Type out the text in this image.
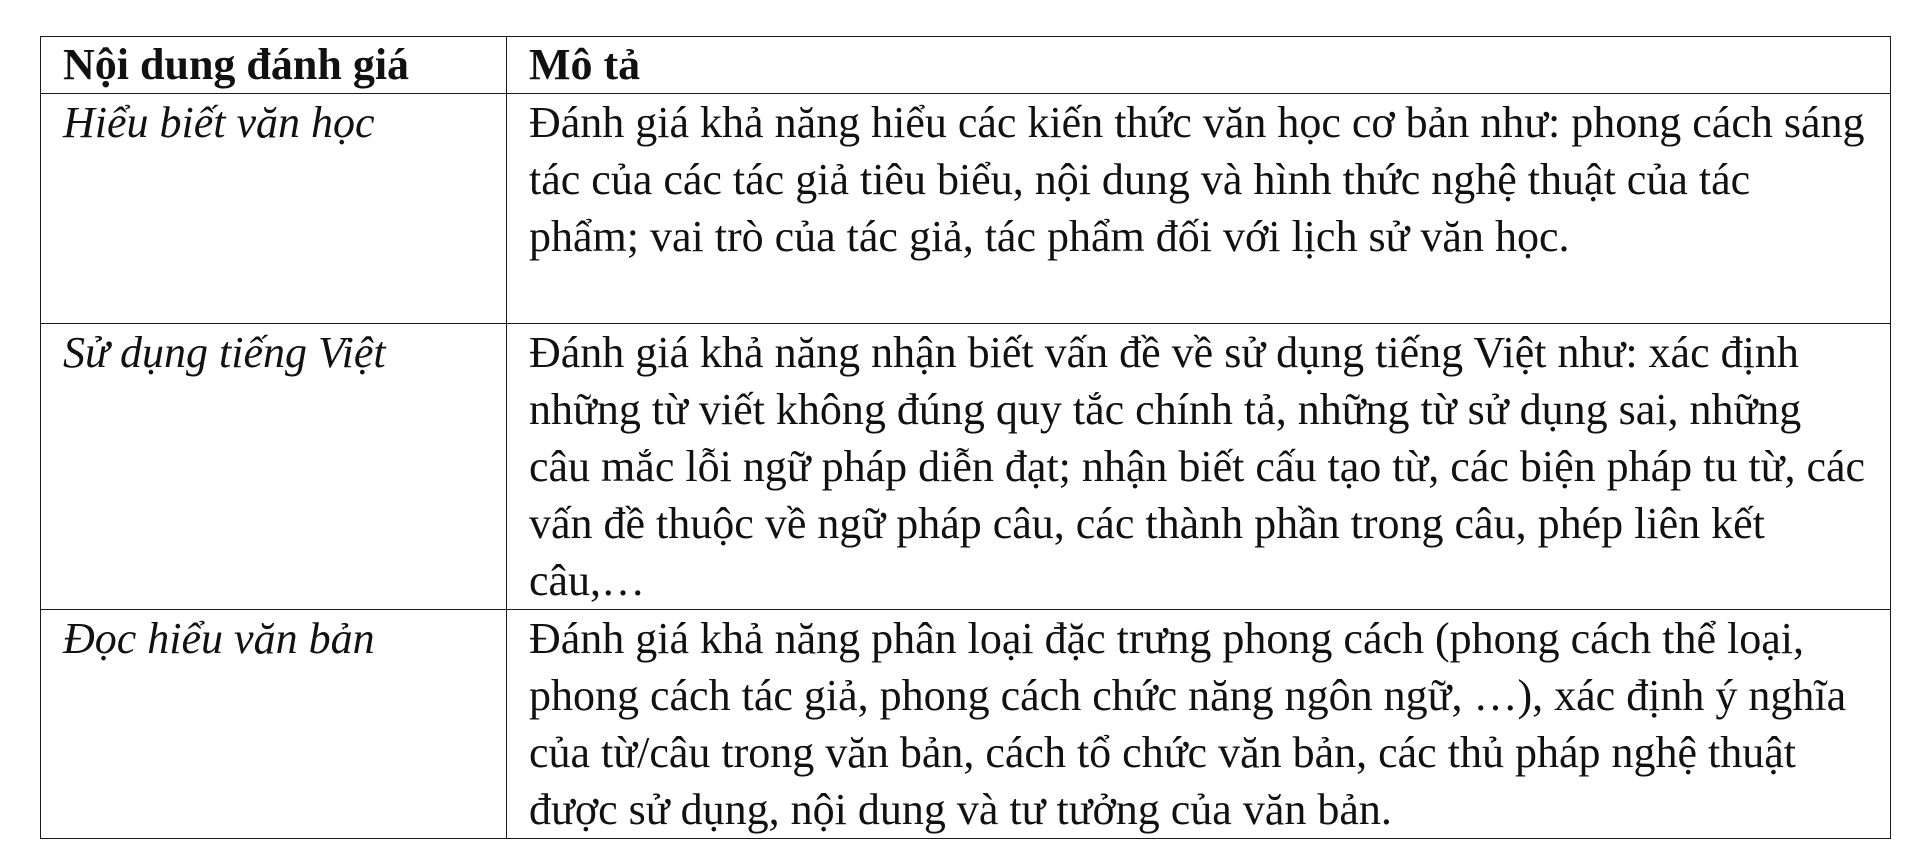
Nội dung đánh giá	Mô tả
Hiểu biết văn học	Đánh giá khả năng hiểu các kiến thức văn học cơ bản như: phong cách sáng tác của các tác giả tiêu biểu, nội dung và hình thức nghệ thuật của tác phẩm; vai trò của tác giả, tác phẩm đối với lịch sử văn học.
Sử dụng tiếng Việt	Đánh giá khả năng nhận biết vấn đề về sử dụng tiếng Việt như: xác định những từ viết không đúng quy tắc chính tả, những từ sử dụng sai, những câu mắc lỗi ngữ pháp diễn đạt; nhận biết cấu tạo từ, các biện pháp tu từ, các vấn đề thuộc về ngữ pháp câu, các thành phần trong câu, phép liên kết câu,…
Đọc hiểu văn bản	Đánh giá khả năng phân loại đặc trưng phong cách (phong cách thể loại, phong cách tác giả, phong cách chức năng ngôn ngữ, …), xác định ý nghĩa của từ/câu trong văn bản, cách tổ chức văn bản, các thủ pháp nghệ thuật được sử dụng, nội dung và tư tưởng của văn bản.
